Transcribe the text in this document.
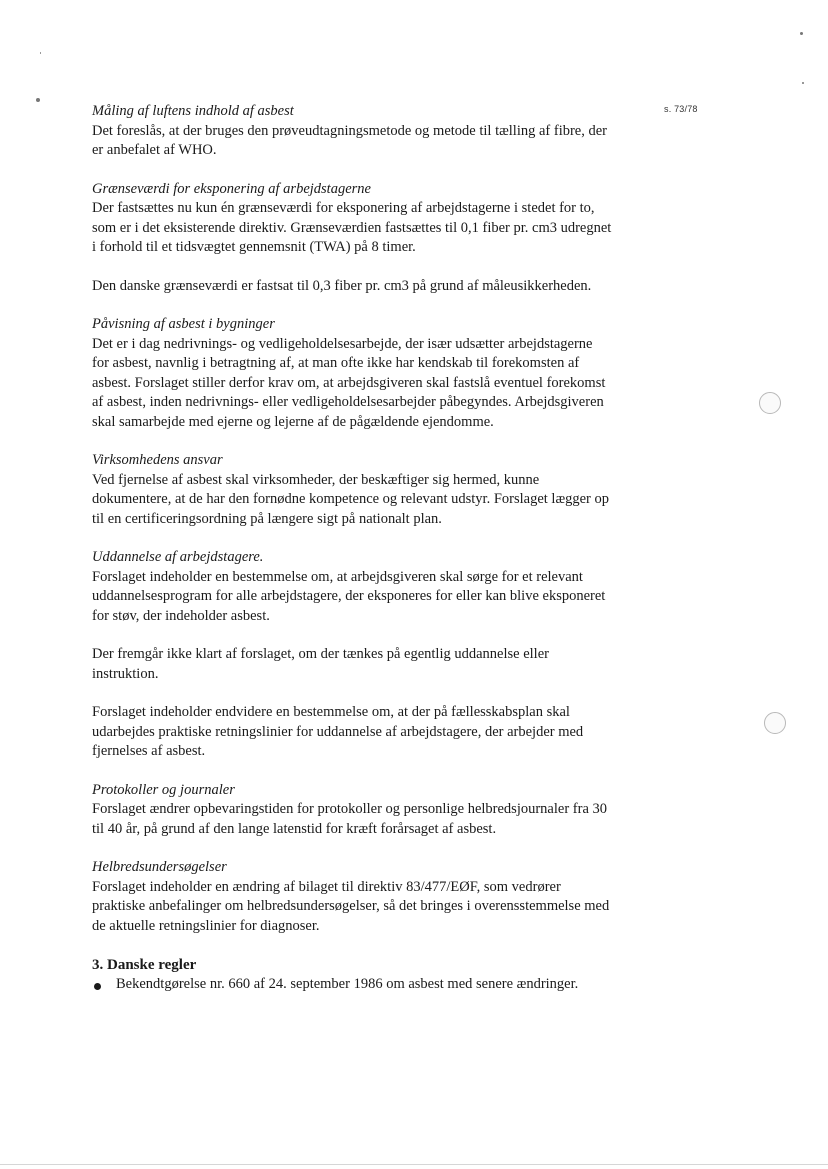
s. 73/78

Måling af luftens indhold af asbest

Det foreslås, at der bruges den prøveudtagningsmetode og metode til tælling af fibre, der er anbefalet af WHO.

Grænseværdi for eksponering af arbejdstagerne

Der fastsættes nu kun én grænseværdi for eksponering af arbejdstagerne i stedet for to, som er i det eksisterende direktiv. Grænseværdien fastsættes til 0,1 fiber pr. cm3 udregnet i forhold til et tidsvægtet gennemsnit (TWA) på 8 timer.

Den danske grænseværdi er fastsat til 0,3 fiber pr. cm3 på grund af måleusikkerheden.

Påvisning af asbest i bygninger

Det er i dag nedrivnings- og vedligeholdelsesarbejde, der især udsætter arbejdstagerne for asbest, navnlig i betragtning af, at man ofte ikke har kendskab til forekomsten af asbest. Forslaget stiller derfor krav om, at arbejdsgiveren skal fastslå eventuel forekomst af asbest, inden nedrivnings- eller vedligeholdelsesarbejder påbegyndes. Arbejdsgiveren skal samarbejde med ejerne og lejerne af de pågældende ejendomme.

Virksomhedens ansvar

Ved fjernelse af asbest skal virksomheder, der beskæftiger sig hermed, kunne dokumentere, at de har den fornødne kompetence og relevant udstyr. Forslaget lægger op til en certificeringsordning på længere sigt på nationalt plan.

Uddannelse af arbejdstagere.

Forslaget indeholder en bestemmelse om, at arbejdsgiveren skal sørge for et relevant uddannelsesprogram for alle arbejdstagere, der eksponeres for eller kan blive eksponeret for støv, der indeholder asbest.

Der fremgår ikke klart af forslaget, om der tænkes på egentlig uddannelse eller instruktion.

Forslaget indeholder endvidere en bestemmelse om, at der på fællesskabsplan skal udarbejdes praktiske retningslinier for uddannelse af arbejdstagere, der arbejder med fjernelses af asbest.

Protokoller og journaler

Forslaget ændrer opbevaringstiden for protokoller og personlige helbredsjournaler fra 30 til 40 år, på grund af den lange latenstid for kræft forårsaget af asbest.

Helbredsundersøgelser

Forslaget indeholder en ændring af bilaget til direktiv 83/477/EØF, som vedrører praktiske anbefalinger om helbredsundersøgelser, så det bringes i overensstemmelse med de aktuelle retningslinier for diagnoser.

3. Danske regler

Bekendtgørelse nr. 660 af 24. september 1986 om asbest med senere ændringer.
